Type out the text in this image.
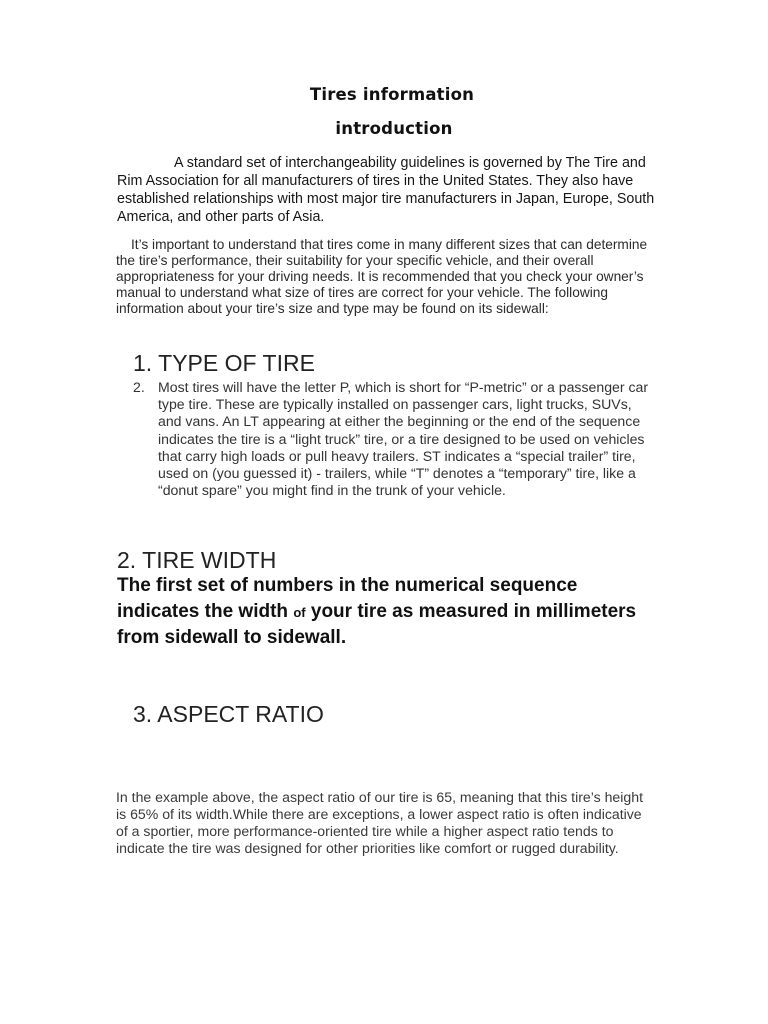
Tires information
introduction

A standard set of interchangeability guidelines is governed by The Tire and Rim Association for all manufacturers of tires in the United States. They also have established relationships with most major tire manufacturers in Japan, Europe, South America, and other parts of Asia.

It’s important to understand that tires come in many different sizes that can determine the tire’s performance, their suitability for your specific vehicle, and their overall appropriateness for your driving needs. It is recommended that you check your owner’s manual to understand what size of tires are correct for your vehicle. The following information about your tire’s size and type may be found on its sidewall:

1. TYPE OF TIRE
2. Most tires will have the letter P, which is short for “P-metric” or a passenger car type tire. These are typically installed on passenger cars, light trucks, SUVs, and vans. An LT appearing at either the beginning or the end of the sequence indicates the tire is a “light truck” tire, or a tire designed to be used on vehicles that carry high loads or pull heavy trailers. ST indicates a “special trailer” tire, used on (you guessed it) - trailers, while “T” denotes a “temporary” tire, like a “donut spare” you might find in the trunk of your vehicle.

2. TIRE WIDTH

The first set of numbers in the numerical sequence indicates the width of your tire as measured in millimeters from sidewall to sidewall.

3. ASPECT RATIO

In the example above, the aspect ratio of our tire is 65, meaning that this tire’s height is 65% of its width.While there are exceptions, a lower aspect ratio is often indicative of a sportier, more performance-oriented tire while a higher aspect ratio tends to indicate the tire was designed for other priorities like comfort or rugged durability.
